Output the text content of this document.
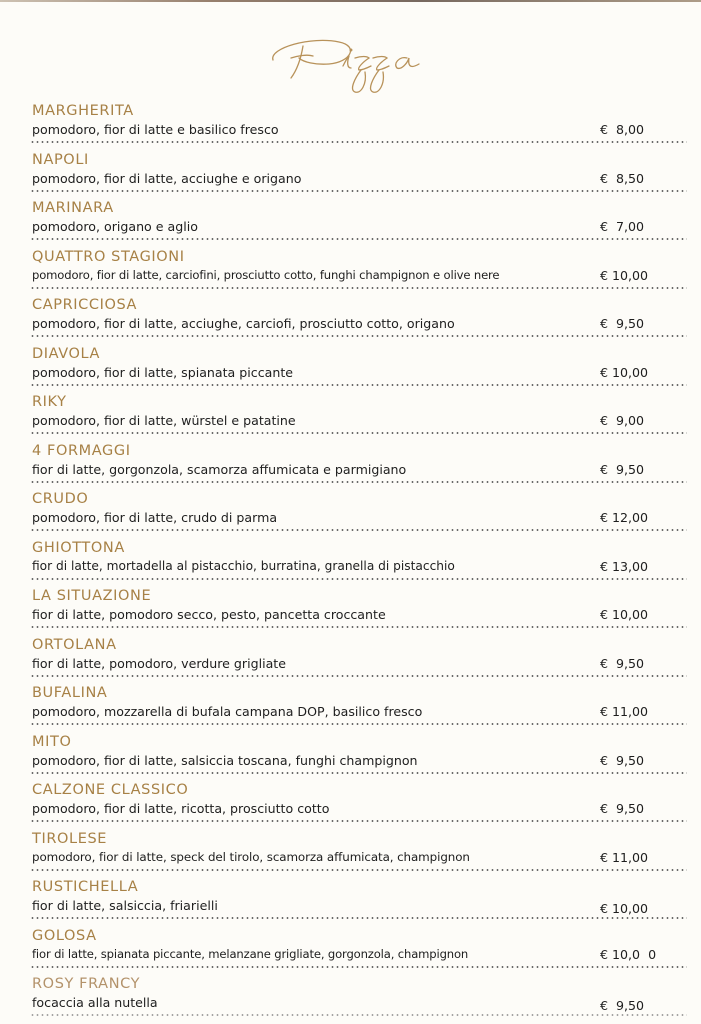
MARGHERITA
pomodoro, fior di latte e basilico fresco	€  8,00
NAPOLI
pomodoro, fior di latte, acciughe e origano	€  8,50
MARINARA
pomodoro, origano e aglio	€  7,00
QUATTRO STAGIONI
pomodoro, fior di latte, carciofini, prosciutto cotto, funghi champignon e olive nere	€ 10,00
CAPRICCIOSA
pomodoro, fior di latte, acciughe, carciofi, prosciutto cotto, origano	€  9,50
DIAVOLA
pomodoro, fior di latte, spianata piccante	€ 10,00
RIKY
pomodoro, fior di latte, würstel e patatine	€  9,00
4 FORMAGGI
fior di latte, gorgonzola, scamorza affumicata e parmigiano	€  9,50
CRUDO
pomodoro, fior di latte, crudo di parma	€ 12,00
GHIOTTONA
fior di latte, mortadella al pistacchio, burratina, granella di pistacchio	€ 13,00
LA SITUAZIONE
fior di latte, pomodoro secco, pesto, pancetta croccante	€ 10,00
ORTOLANA
fior di latte, pomodoro, verdure grigliate	€  9,50
BUFALINA
pomodoro, mozzarella di bufala campana DOP, basilico fresco	€ 11,00
MITO
pomodoro, fior di latte, salsiccia toscana, funghi champignon	€  9,50
CALZONE CLASSICO
pomodoro, fior di latte, ricotta, prosciutto cotto	€  9,50
TIROLESE
pomodoro, fior di latte, speck del tirolo, scamorza affumicata, champignon	€ 11,00
RUSTICHELLA
fior di latte, salsiccia, friarielli	€ 10,00
GOLOSA
fior di latte, spianata piccante, melanzane grigliate, gorgonzola, champignon	€ 10,0  0
ROSY FRANCY
focaccia alla nutella	€  9,50
